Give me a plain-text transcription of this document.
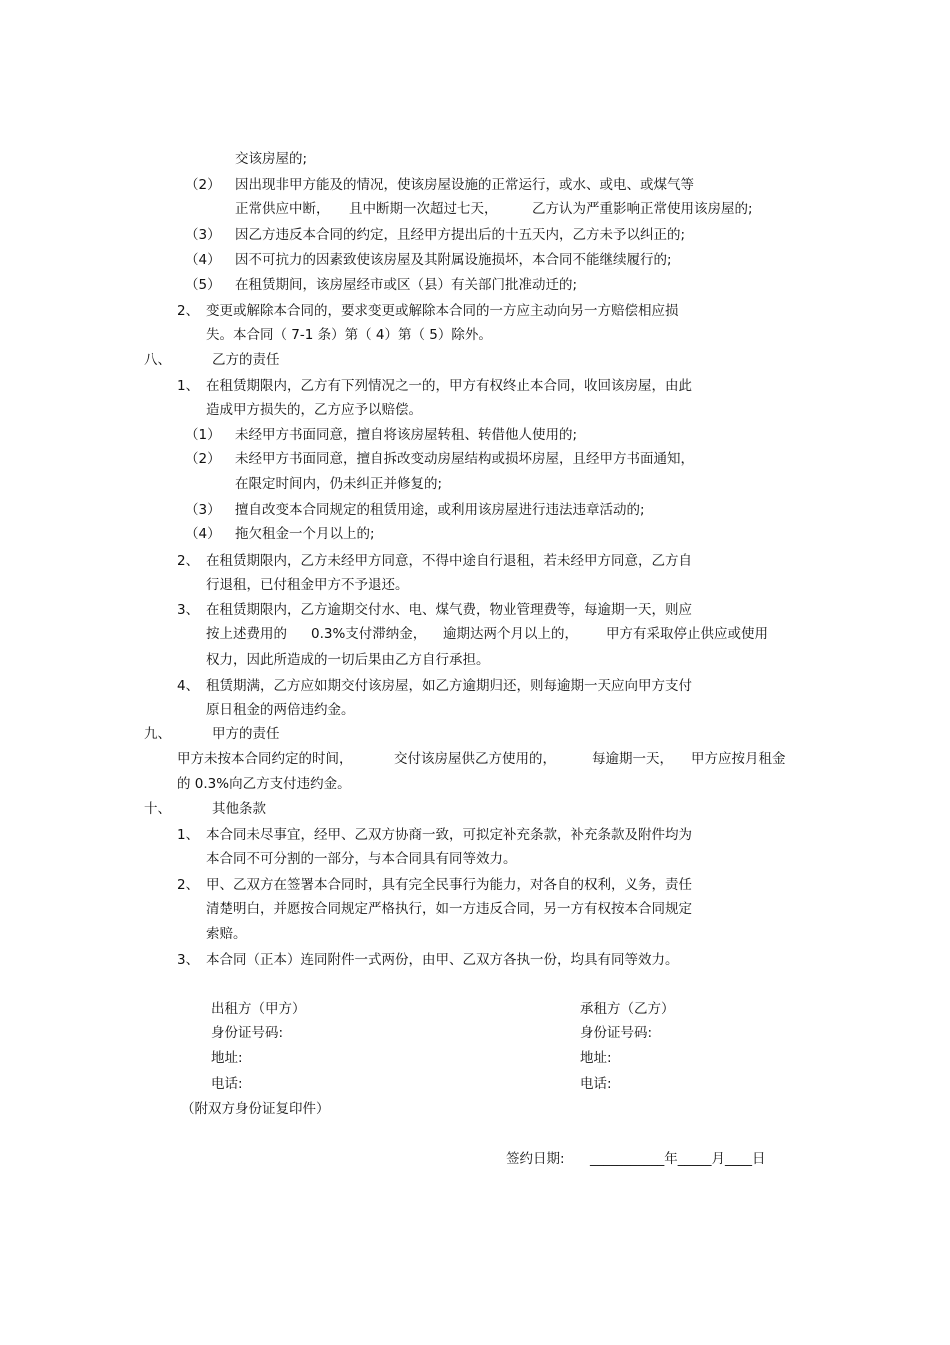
交该房屋的;
（2） 因出现非甲方能及的情况，使该房屋设施的正常运行，或水、或电、或煤气等
正常供应中断， 且中断期一次超过七天，	乙方认为严重影响正常使用该房屋的;
（3） 因乙方违反本合同的约定，且经甲方提出后的十五天内，乙方未予以纠正的;
（4） 因不可抗力的因素致使该房屋及其附属设施损坏，本合同不能继续履行的;
（5） 在租赁期间，该房屋经市或区（县）有关部门批准动迁的;
2、 变更或解除本合同的，要求变更或解除本合同的一方应主动向另一方赔偿相应损
失。本合同（ 7-1 条）第（ 4）第（ 5）除外。
八、	乙方的责任
1、 在租赁期限内，乙方有下列情况之一的，甲方有权终止本合同，收回该房屋，由此
造成甲方损失的，乙方应予以赔偿。
（1） 未经甲方书面同意，擅自将该房屋转租、转借他人使用的;
（2） 未经甲方书面同意，擅自拆改变动房屋结构或损坏房屋，且经甲方书面通知，
在限定时间内，仍未纠正并修复的;
（3） 擅自改变本合同规定的租赁用途，或利用该房屋进行违法违章活动的;
（4） 拖欠租金一个月以上的;
2、 在租赁期限内，乙方未经甲方同意，不得中途自行退租，若未经甲方同意，乙方自
行退租，已付租金甲方不予退还。
3、 在租赁期限内，乙方逾期交付水、电、煤气费，物业管理费等，每逾期一天，则应
按上述费用的 0.3%支付滞纳金， 逾期达两个月以上的， 甲方有采取停止供应或使用
权力，因此所造成的一切后果由乙方自行承担。
4、 租赁期满，乙方应如期交付该房屋，如乙方逾期归还，则每逾期一天应向甲方支付
原日租金的两倍违约金。
九、	甲方的责任
甲方未按本合同约定的时间，	交付该房屋供乙方使用的，	每逾期一天， 甲方应按月租金
的 0.3%向乙方支付违约金。
十、	其他条款
1、 本合同未尽事宜，经甲、乙双方协商一致，可拟定补充条款，补充条款及附件均为
本合同不可分割的一部分，与本合同具有同等效力。
2、 甲、乙双方在签署本合同时，具有完全民事行为能力，对各自的权利，义务，责任
清楚明白，并愿按合同规定严格执行，如一方违反合同，另一方有权按本合同规定
索赔。
3、 本合同（正本）连同附件一式两份，由甲、乙双方各执一份，均具有同等效力。
出租方（甲方）	承租方（乙方）
身份证号码:	身份证号码:
地址:	地址:
电话:	电话:
（附双方身份证复印件）
签约日期: ___________年_____月____日
